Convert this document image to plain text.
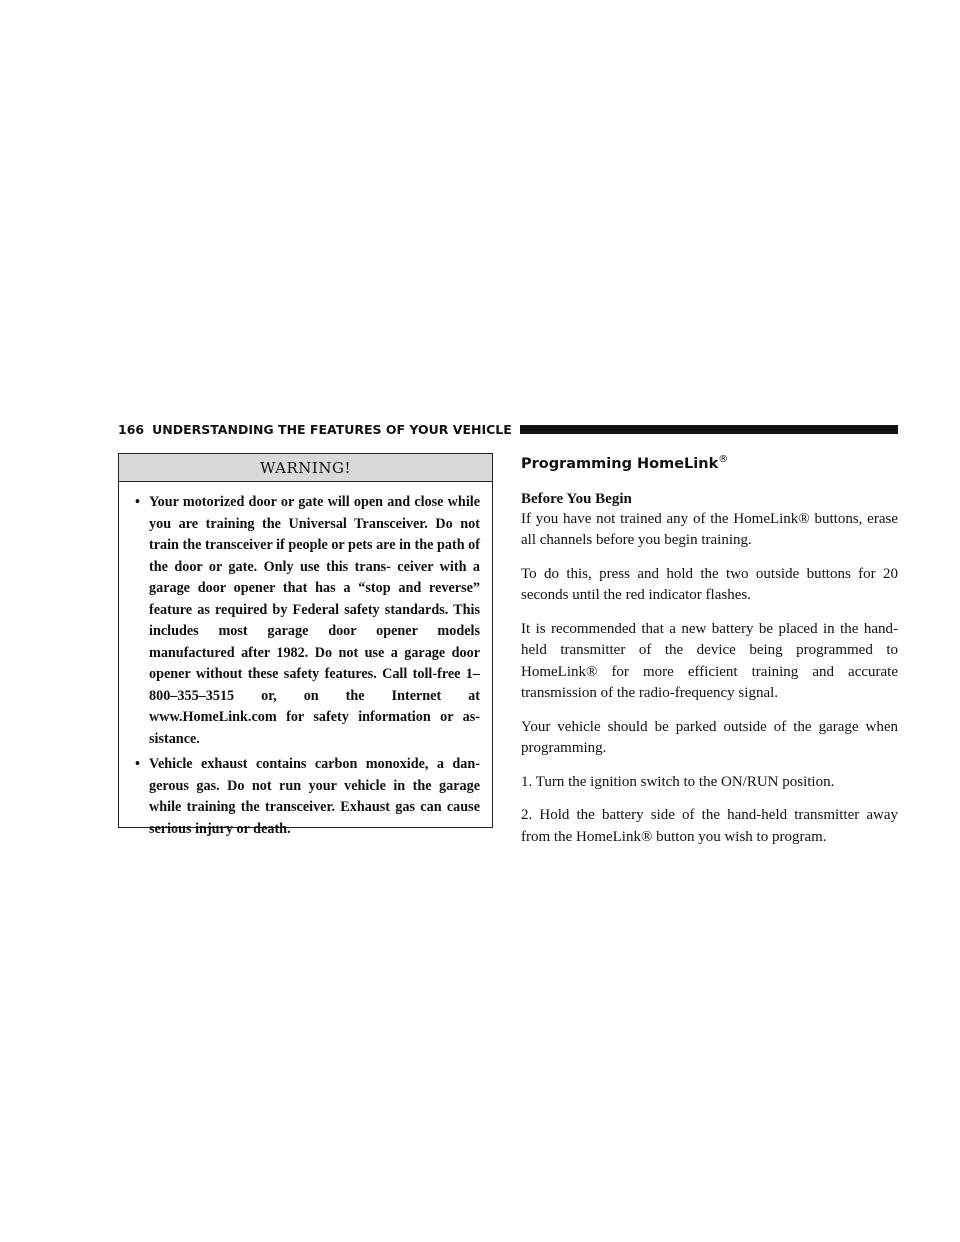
166 UNDERSTANDING THE FEATURES OF YOUR VEHICLE
WARNING!
• Your motorized door or gate will open and close while you are training the Universal Transceiver. Do not train the transceiver if people or pets are in the path of the door or gate. Only use this trans- ceiver with a garage door opener that has a “stop and reverse” feature as required by Federal safety standards. This includes most garage door opener models manufactured after 1982. Do not use a garage door opener without these safety features. Call toll-free 1–800–355–3515 or, on the Internet at www.HomeLink.com for safety information or as- sistance.
• Vehicle exhaust contains carbon monoxide, a dan- gerous gas. Do not run your vehicle in the garage while training the transceiver. Exhaust gas can cause serious injury or death.
Programming HomeLink®
Before You Begin

If you have not trained any of the HomeLink® buttons, erase all channels before you begin training.

To do this, press and hold the two outside buttons for 20 seconds until the red indicator flashes.

It is recommended that a new battery be placed in the hand-held transmitter of the device being programmed to HomeLink® for more efficient training and accurate transmission of the radio-frequency signal.

Your vehicle should be parked outside of the garage when programming.

1. Turn the ignition switch to the ON/RUN position.

2. Hold the battery side of the hand-held transmitter away from the HomeLink® button you wish to program.
